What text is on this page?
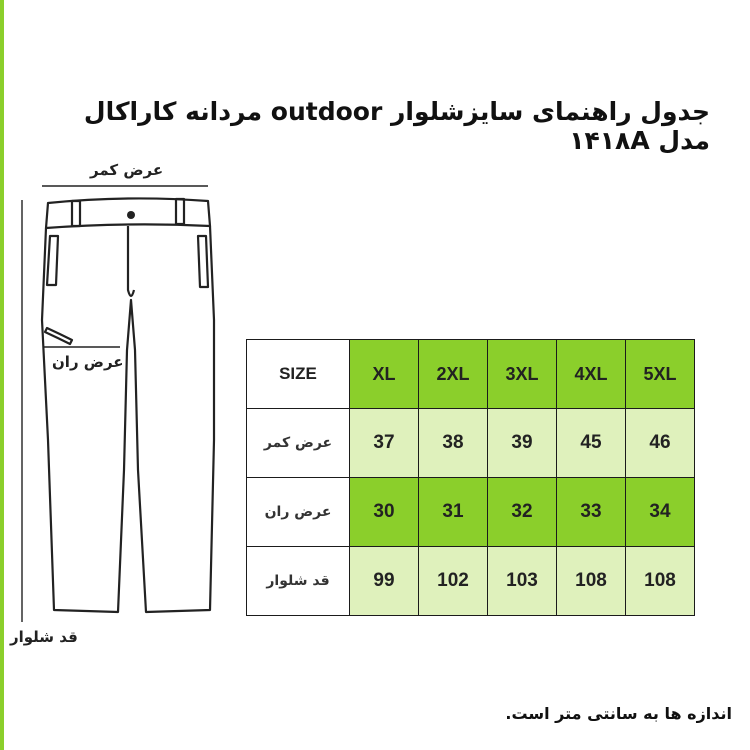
جدول راهنمای سایزشلوار outdoor مردانه کاراکال مدل ۱۴۱۸A
عرض کمر
عرض ران
قد شلوار
SIZE	XL	2XL	3XL	4XL	5XL
عرض کمر	37	38	39	45	46
عرض ران	30	31	32	33	34
قد شلوار	99	102	103	108	108
اندازه ها به سانتی متر است.
